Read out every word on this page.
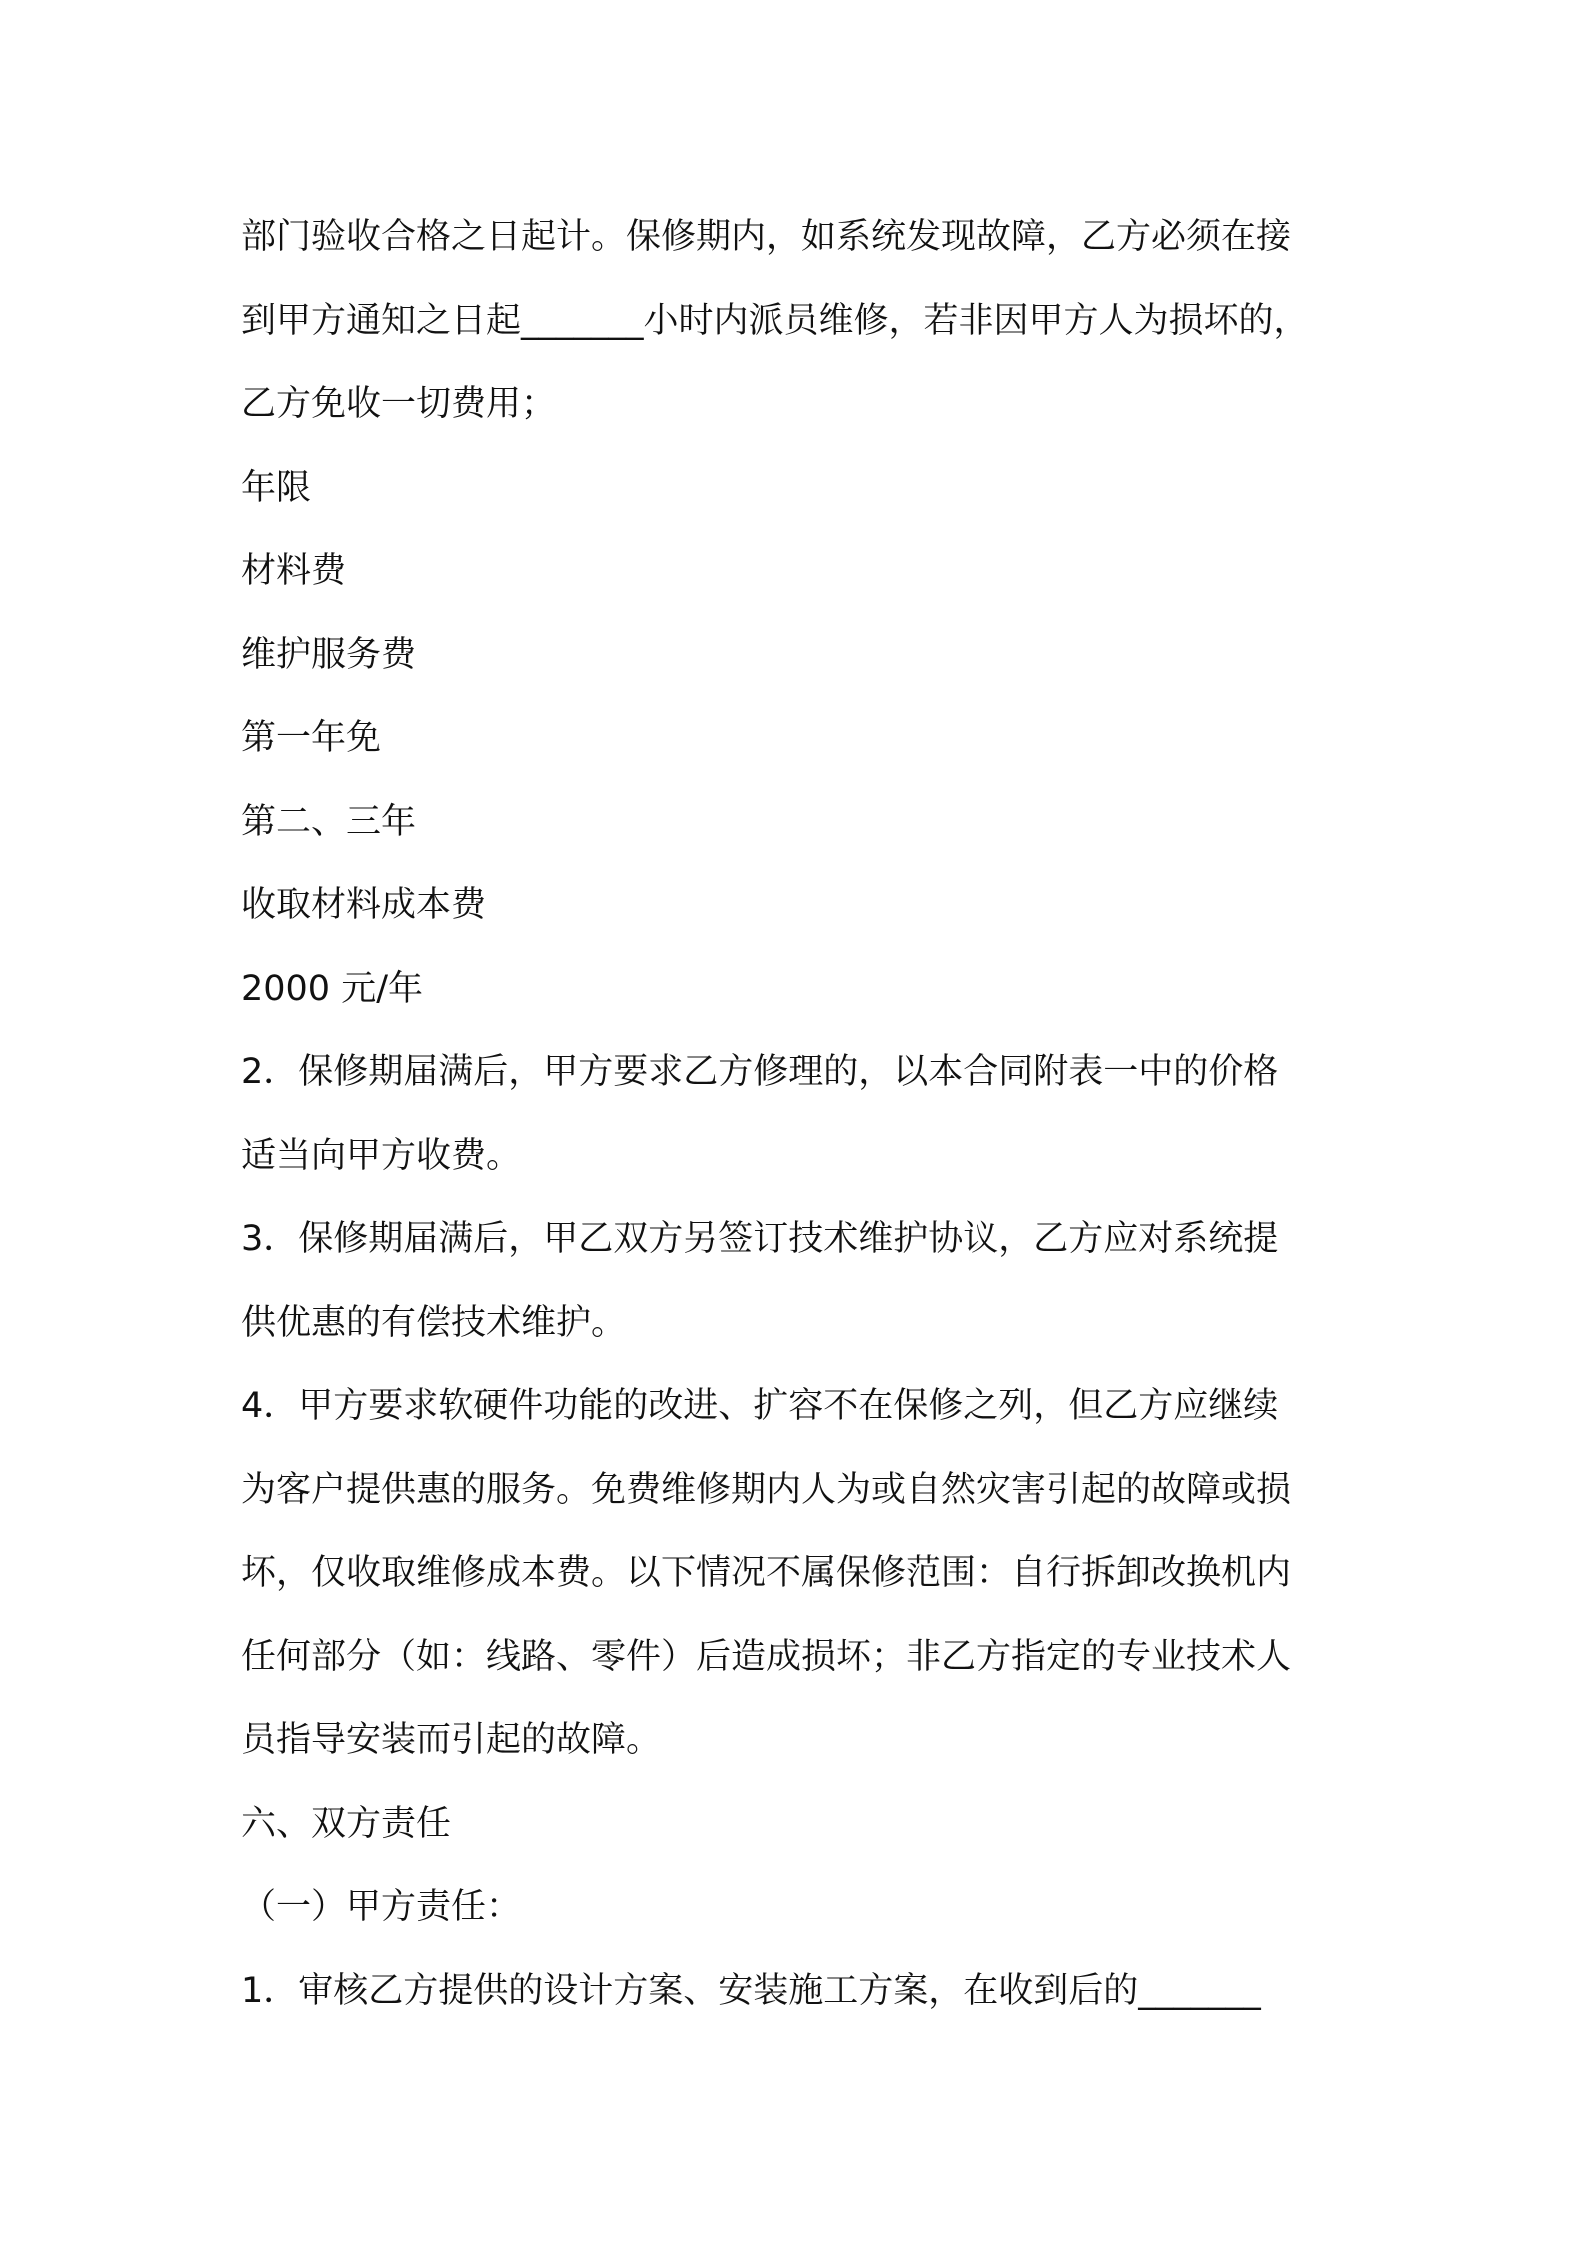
部门验收合格之日起计。保修期内，如系统发现故障，乙方必须在接
到甲方通知之日起_______小时内派员维修，若非因甲方人为损坏的，
乙方免收一切费用；
年限
材料费
维护服务费
第一年免
第二、三年
收取材料成本费
2000 元/年
2．保修期届满后，甲方要求乙方修理的，以本合同附表一中的价格
适当向甲方收费。
3．保修期届满后，甲乙双方另签订技术维护协议，乙方应对系统提
供优惠的有偿技术维护。
4．甲方要求软硬件功能的改进、扩容不在保修之列，但乙方应继续
为客户提供惠的服务。免费维修期内人为或自然灾害引起的故障或损
坏，仅收取维修成本费。以下情况不属保修范围：自行拆卸改换机内
任何部分（如：线路、零件）后造成损坏；非乙方指定的专业技术人
员指导安装而引起的故障。
六、双方责任
（一）甲方责任：
1．审核乙方提供的设计方案、安装施工方案，在收到后的_______
